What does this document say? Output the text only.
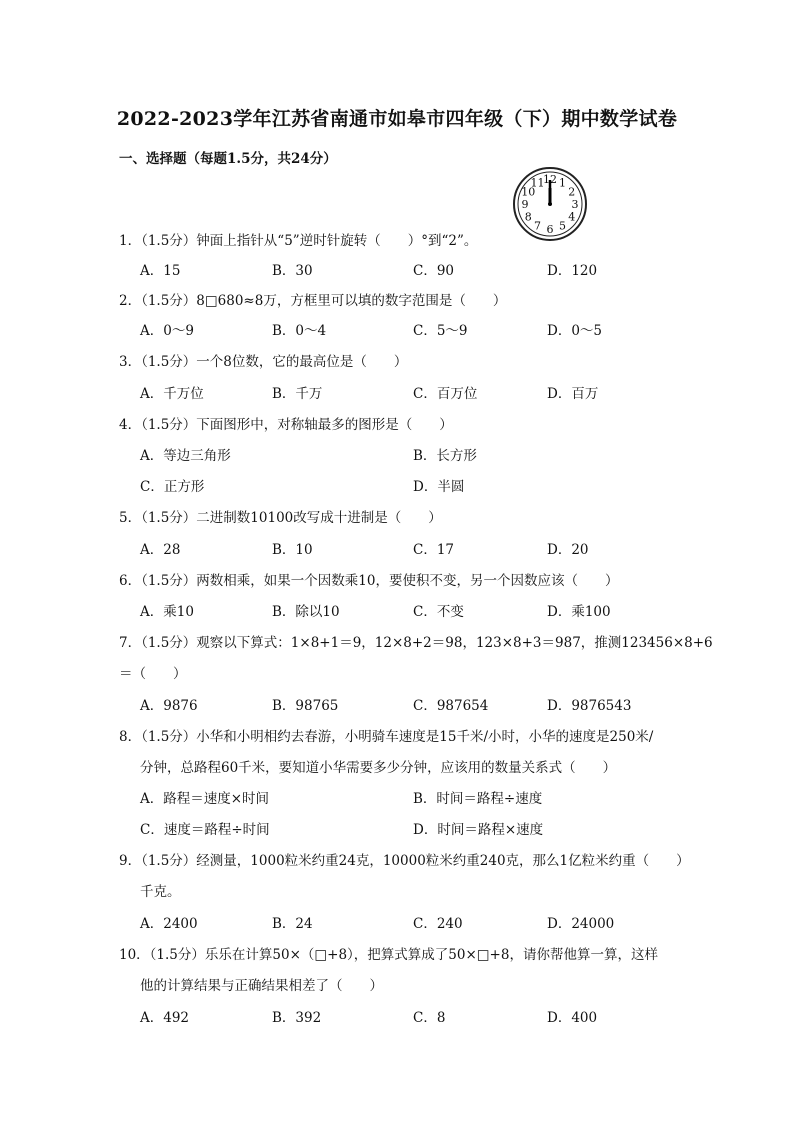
2022-2023学年江苏省南通市如皋市四年级（下）期中数学试卷
一、选择题（每题1.5分，共24分）
12 1
2
3
4
5
6
7
8
9
10
11
1．（1.5分）钟面上指针从“5”逆时针旋转（　　）°到“2”。
A．15	B．30	C．90	D．120
2．（1.5分）8□680≈8万，方框里可以填的数字范围是（　　）
A．0～9	B．0～4	C．5～9	D．0～5
3．（1.5分）一个8位数，它的最高位是（　　）
A．千万位	B．千万	C．百万位	D．百万
4．（1.5分）下面图形中，对称轴最多的图形是（　　）
A．等边三角形	B．长方形
C．正方形	D．半圆
5．（1.5分）二进制数10100改写成十进制是（　　）
A．28	B．10	C．17	D．20
6．（1.5分）两数相乘，如果一个因数乘10，要使积不变，另一个因数应该（　　）
A．乘10	B．除以10	C．不变	D．乘100
7．（1.5分）观察以下算式：1×8+1＝9，12×8+2＝98，123×8+3＝987，推测123456×8+6
＝（　　）
A．9876	B．98765	C．987654	D．9876543
8．（1.5分）小华和小明相约去春游，小明骑车速度是15千米/小时，小华的速度是250米/
分钟，总路程60千米，要知道小华需要多少分钟，应该用的数量关系式（　　）
A．路程＝速度×时间	B．时间＝路程÷速度
C．速度＝路程÷时间	D．时间＝路程×速度
9．（1.5分）经测量，1000粒米约重24克，10000粒米约重240克，那么1亿粒米约重（　　）
千克。
A．2400	B．24	C．240	D．24000
10．（1.5分）乐乐在计算50×（□+8），把算式算成了50×□+8，请你帮他算一算，这样
他的计算结果与正确结果相差了（　　）
A．492	B．392	C．8	D．400
